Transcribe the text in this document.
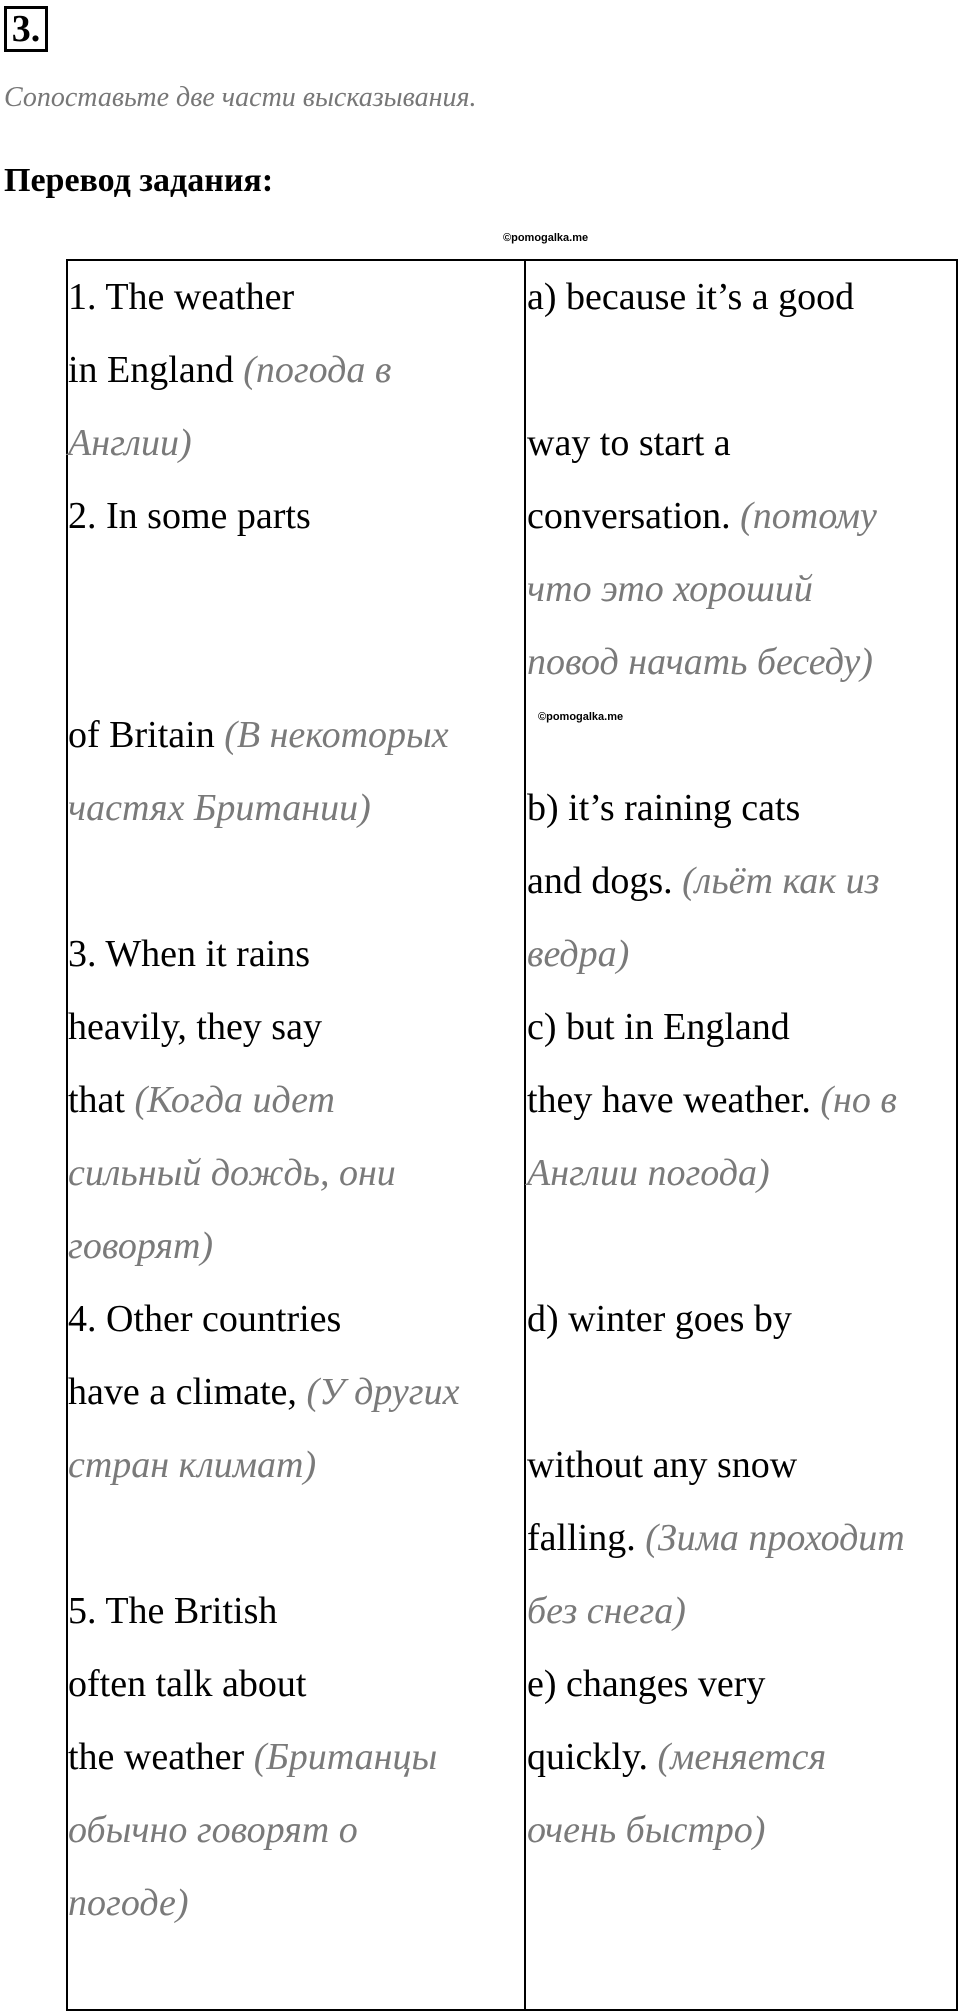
3.
Сопоставьте две части высказывания.
Перевод задания:
©pomogalka.me
©pomogalka.me
1. The weather
in England (погода в
Англии)
2. In some parts
of Britain (В некоторых
частях Британии)
3. When it rains
heavily, they say
that (Когда идет
сильный дождь, они
говорят)
4. Other countries
have a climate, (У других
стран климат)
5. The British
often talk about
the weather (Британцы
обычно говорят о
погоде)
a) because it’s a good
way to start a
conversation. (потому
что это хороший
повод начать беседу)
b) it’s raining cats
and dogs. (льёт как из
ведра)
c) but in England
they have weather. (но в
Англии погода)
d) winter goes by
without any snow
falling. (Зима проходит
без снега)
e) changes very
quickly. (меняется
очень быстро)
